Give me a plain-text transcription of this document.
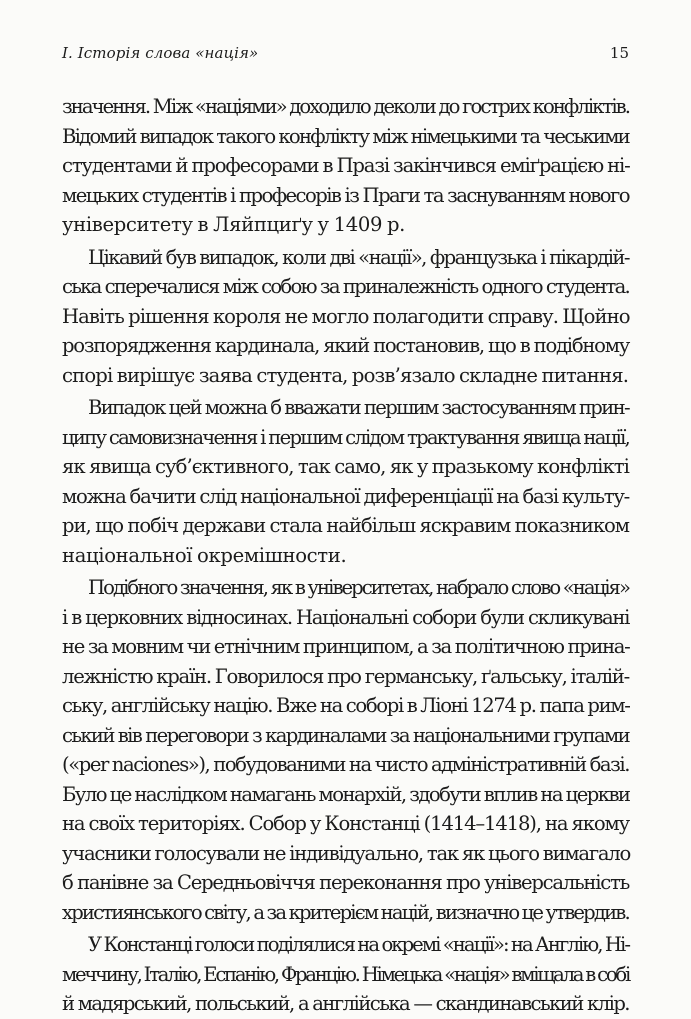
I. Історія слова «нація»	15

значення. Між «націями» доходило деколи до гострих конфліктів.
Відомий випадок такого конфлікту між німецькими та чеськими
студентами й професорами в Празі закінчився еміґрацією ні-
мецьких студентів і професорів із Праги та заснуванням нового
університету в Ляйпциґу у 1409 р.

Цікавий був випадок, коли дві «нації», французька і пікардій-
ська сперечалися між собою за приналежність одного студента.
Навіть рішення короля не могло полагодити справу. Щойно
розпорядження кардинала, який постановив, що в подібному
спорі вирішує заява студента, розв’язало складне питання.

Випадок цей можна б вважати першим застосуванням прин-
ципу самовизначення і першим слідом трактування явища нації,
як явища суб’єктивного, так само, як у празькому конфлікті
можна бачити слід національної диференціації на базі культу-
ри, що побіч держави стала найбільш яскравим показником
національної окремішности.

Подібного значення, як в університетах, набрало слово «нація»
і в церковних відносинах. Національні собори були скликувані
не за мовним чи етнічним принципом, а за політичною прина-
лежністю країн. Говорилося про германську, ґальську, італій-
ську, англійську націю. Вже на соборі в Ліоні 1274 р. папа рим-
ський вів переговори з кардиналами за національними групами
(«per naciones»), побудованими на чисто адміністративній базі.
Було це наслідком намагань монархій, здобути вплив на церкви
на своїх територіях. Собор у Констанці (1414–1418), на якому
учасники голосували не індивідуально, так як цього вимагало
б панівне за Середньовіччя переконання про універсальність
християнського світу, а за критерієм націй, визначно це утвердив.

У Констанці голоси поділялися на окремі «нації»: на Англію, Ні-
меччину, Італію, Еспанію, Францію. Німецька «нація» вміщала в собі
й мадярський, польський, а англійська — скандинавський клір.
